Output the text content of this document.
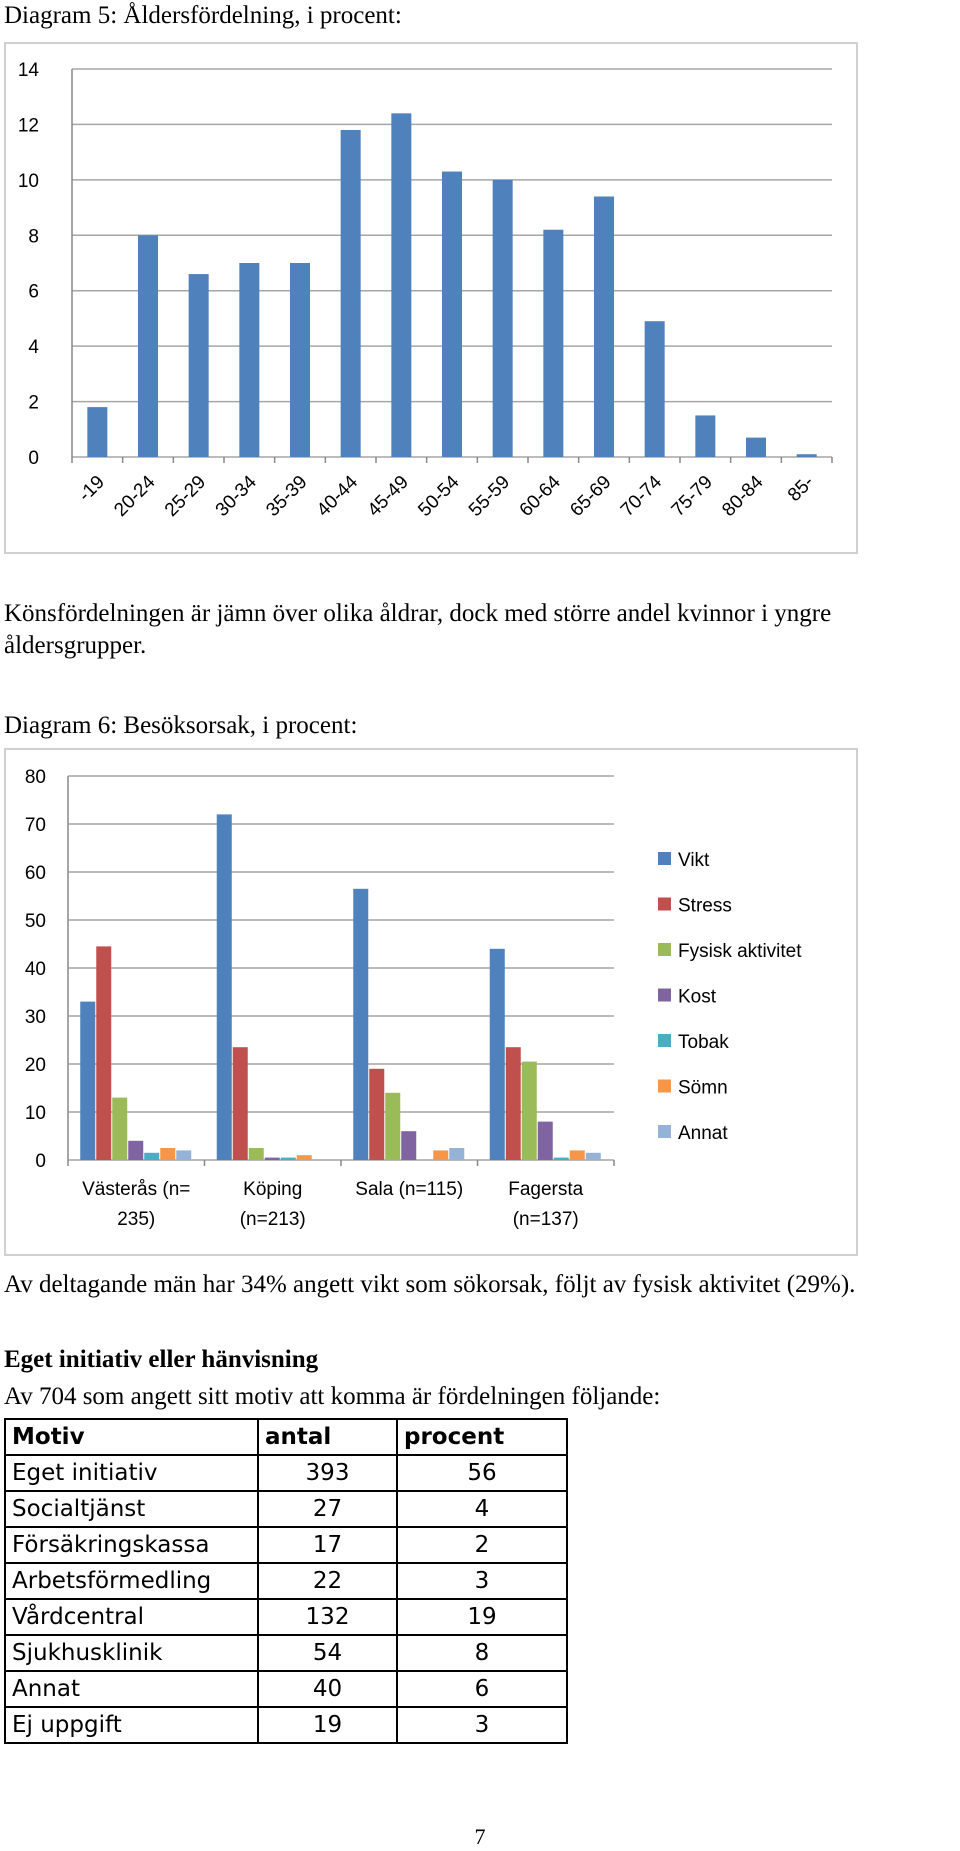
Diagram 5: Åldersfördelning, i procent:
0
2
4
6
8
10
12
14
-19 20-24 25-29 30-34 35-39 40-44 45-49 50-54 55-59 60-64 65-69 70-74 75-79 80-84 85-
Könsfördelningen är jämn över olika åldrar, dock med större andel kvinnor i yngre åldersgrupper.
Diagram 6: Besöksorsak, i procent:
0
10
20
30
40
50
60
70
80
Västerås (n=
235)
Köping
(n=213)
Sala (n=115) Fagersta
(n=137)
Vikt
Stress
Fysisk aktivitet
Kost
Tobak
Sömn
Annat
Av deltagande män har 34% angett vikt som sökorsak, följt av fysisk aktivitet (29%).
Eget initiativ eller hänvisning
Av 704 som angett sitt motiv att komma är fördelningen följande:
Motiv	antal	procent
Eget initiativ	393	56
Socialtjänst	27	4
Försäkringskassa	17	2
Arbetsförmedling	22	3
Vårdcentral	132	19
Sjukhusklinik	54	8
Annat	40	6
Ej uppgift	19	3
7
